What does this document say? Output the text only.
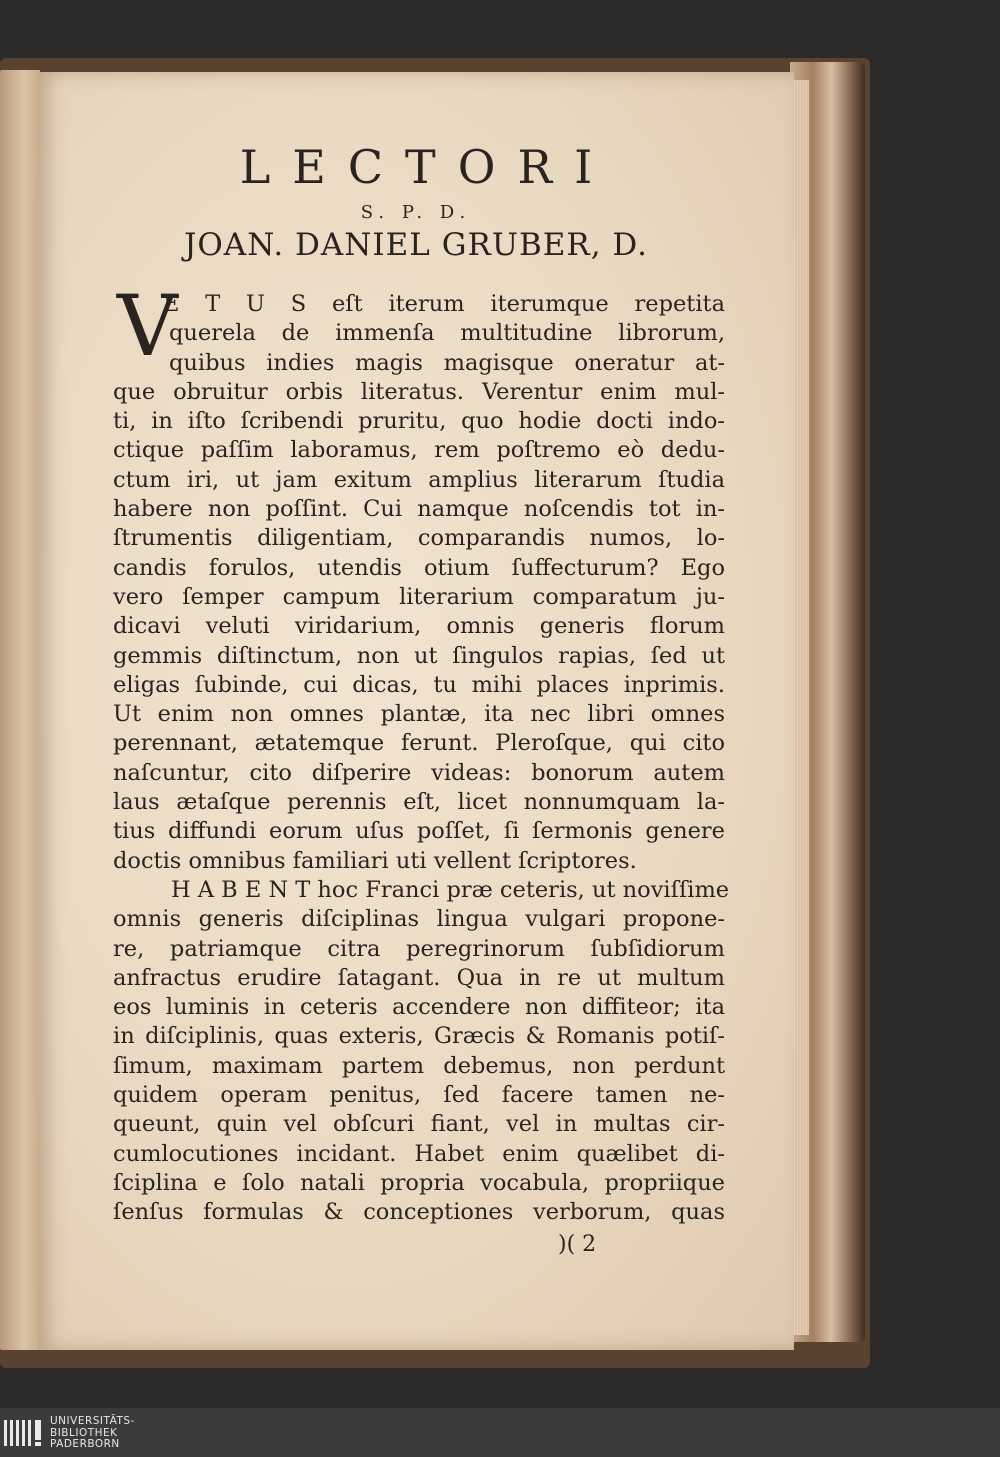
LECTORI
S. P. D.
JOAN. DANIEL GRUBER, D.
V
E T U S eſt iterum iterumque repetita
querela de immenſa multitudine librorum,
quibus indies magis magisque oneratur at-
que obruitur orbis literatus. Verentur enim mul-
ti, in iſto ſcribendi pruritu, quo hodie docti indo-
ctique paſſim laboramus, rem poſtremo eò dedu-
ctum iri, ut jam exitum amplius literarum ſtudia
habere non poſſint. Cui namque noſcendis tot in-
ſtrumentis diligentiam, comparandis numos, lo-
candis forulos, utendis otium ſuffecturum? Ego
vero ſemper campum literarium comparatum ju-
dicavi veluti viridarium, omnis generis florum
gemmis diſtinctum, non ut ſingulos rapias, ſed ut
eligas ſubinde, cui dicas, tu mihi places inprimis.
Ut enim non omnes plantæ, ita nec libri omnes
perennant, ætatemque ferunt. Pleroſque, qui cito
naſcuntur, cito diſperire videas: bonorum autem
laus ætaſque perennis eſt, licet nonnumquam la-
tius diffundi eorum uſus poſſet, ſi ſermonis genere
doctis omnibus familiari uti vellent ſcriptores.
H A B E N T hoc Franci præ ceteris, ut noviſſime
omnis generis diſciplinas lingua vulgari propone-
re, patriamque citra peregrinorum ſubſidiorum
anfractus erudire ſatagant. Qua in re ut multum
eos luminis in ceteris accendere non diffiteor; ita
in diſciplinis, quas exteris, Græcis & Romanis potiſ-
ſimum, maximam partem debemus, non perdunt
quidem operam penitus, ſed facere tamen ne-
queunt, quin vel obſcuri fiant, vel in multas cir-
cumlocutiones incidant. Habet enim quælibet di-
ſciplina e ſolo natali propria vocabula, propriique
ſenſus formulas & conceptiones verborum, quas
)( 2
UNIVERSITÄTS-
BIBLIOTHEK
PADERBORN
